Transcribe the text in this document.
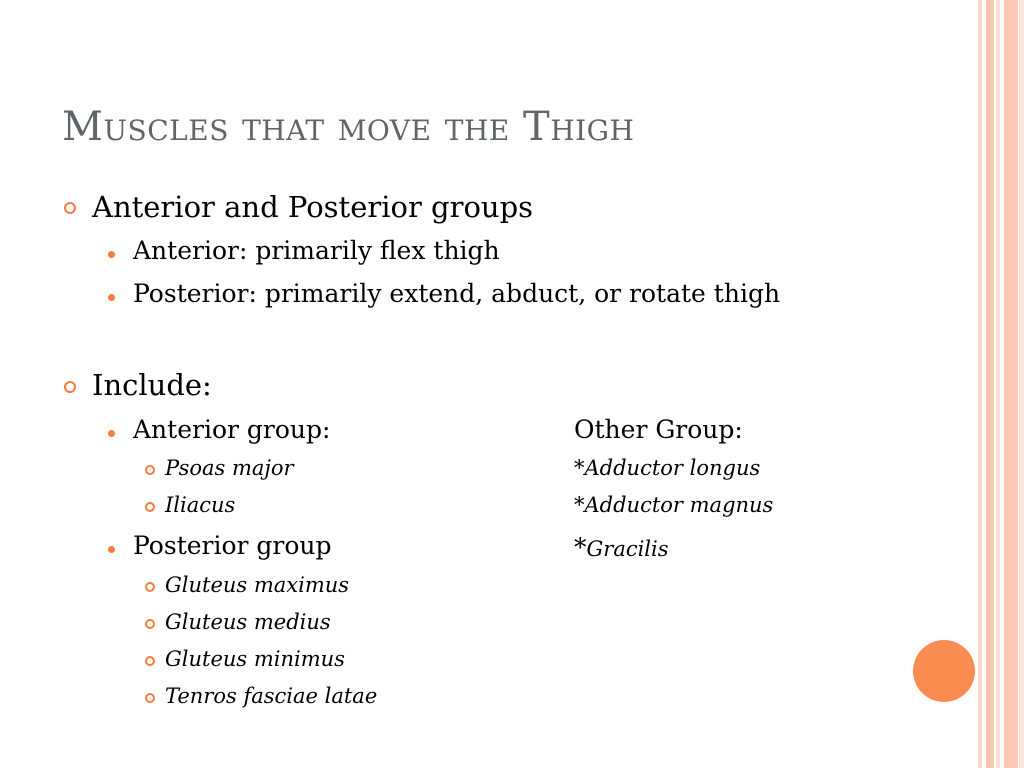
Muscles that move the Thigh
Anterior and Posterior groups
Anterior: primarily flex thigh
Posterior: primarily extend, abduct, or rotate thigh
Include:
Anterior group:	Other Group:
Psoas major
Iliacus
*Adductor longus
*Adductor magnus
Posterior group	*Gracilis
Gluteus maximus
Gluteus medius
Gluteus minimus
Tenros fasciae latae
